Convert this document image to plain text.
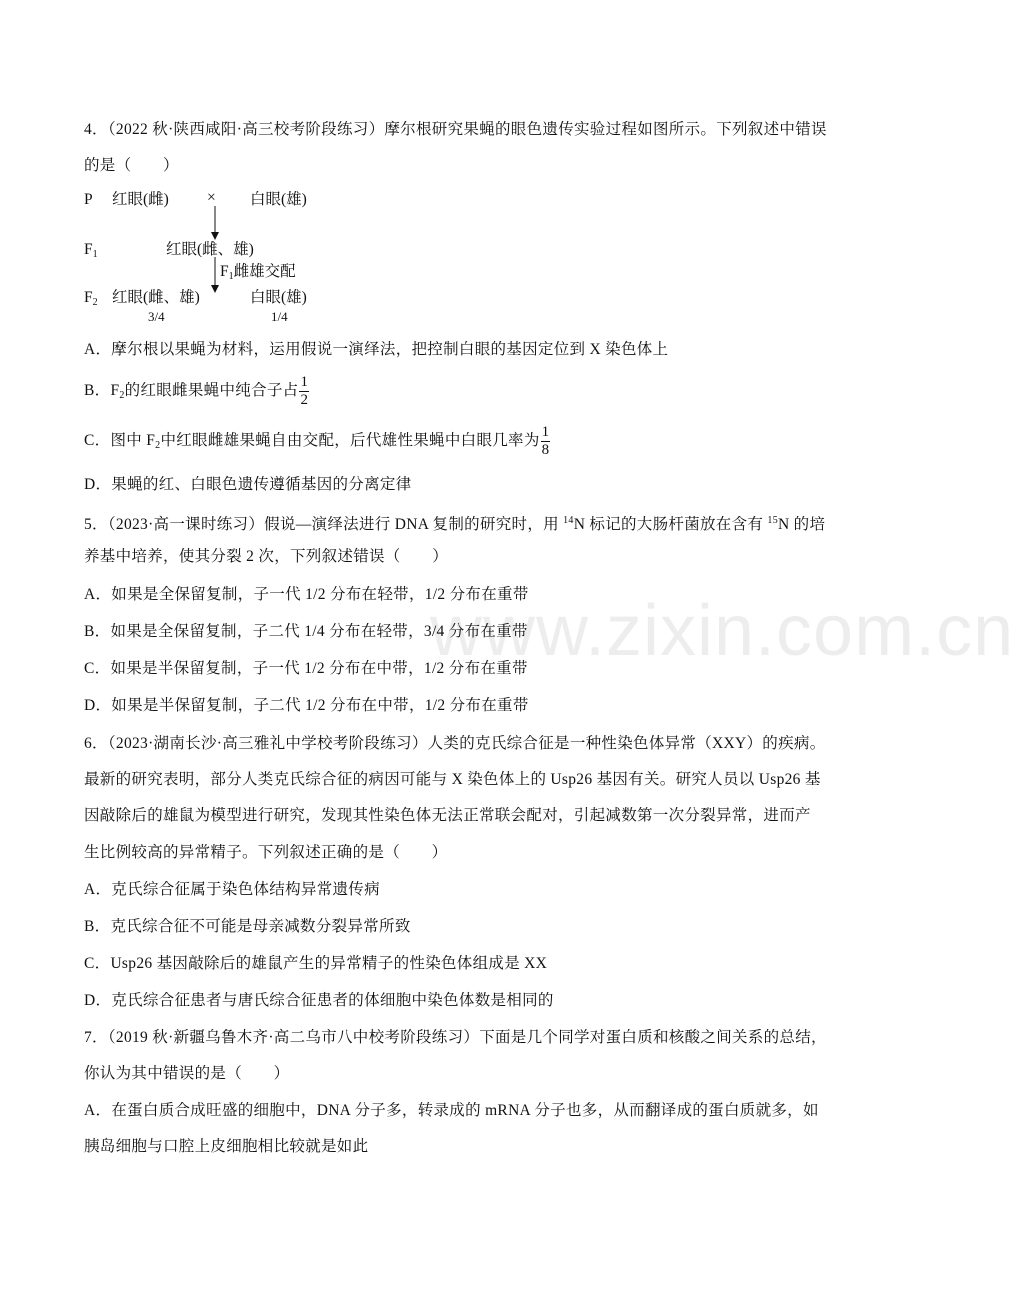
4．（2022 秋·陕西咸阳·高三校考阶段练习）摩尔根研究果蝇的眼色遗传实验过程如图所示。下列叙述中错误
的是（　　）
P 红眼(雌) × 白眼(雄)
$F_1$	红眼(雌、雄)
$F_1$雌雄交配
$F_2$ 红眼(雌、雄)	白眼(雄)
3/4	1/4
A．摩尔根以果蝇为材料，运用假说一演绎法，把控制白眼的基因定位到 X 染色体上
B．$F_2$的红眼雌果蝇中纯合子占 $\frac{1}{2}$
C．图中 $F_2$中红眼雌雄果蝇自由交配，后代雄性果蝇中白眼几率为 $\frac{1}{8}$
D．果蝇的红、白眼色遗传遵循基因的分离定律
5．（2023·高一课时练习）假说—演绎法进行 DNA 复制的研究时，用 $^{14}$N 标记的大肠杆菌放在含有 $^{15}$N 的培
养基中培养，使其分裂 2 次，下列叙述错误（　　）
A．如果是全保留复制，子一代 1/2 分布在轻带，1/2 分布在重带
B．如果是全保留复制，子二代 1/4 分布在轻带，3/4 分布在重带
C．如果是半保留复制，子一代 1/2 分布在中带，1/2 分布在重带
D．如果是半保留复制，子二代 1/2 分布在中带，1/2 分布在重带
6．（2023·湖南长沙·高三雅礼中学校考阶段练习）人类的克氏综合征是一种性染色体异常（XXY）的疾病。
最新的研究表明，部分人类克氏综合征的病因可能与 X 染色体上的 Usp26 基因有关。研究人员以 Usp26 基
因敲除后的雄鼠为模型进行研究，发现其性染色体无法正常联会配对，引起减数第一次分裂异常，进而产
生比例较高的异常精子。下列叙述正确的是（　　）
A．克氏综合征属于染色体结构异常遗传病
B．克氏综合征不可能是母亲减数分裂异常所致
C．Usp26 基因敲除后的雄鼠产生的异常精子的性染色体组成是 XX
D．克氏综合征患者与唐氏综合征患者的体细胞中染色体数是相同的
7．（2019 秋·新疆乌鲁木齐·高二乌市八中校考阶段练习）下面是几个同学对蛋白质和核酸之间关系的总结，
你认为其中错误的是（　　）
A．在蛋白质合成旺盛的细胞中，DNA 分子多，转录成的 mRNA 分子也多，从而翻译成的蛋白质就多，如
胰岛细胞与口腔上皮细胞相比较就是如此
www.zixin.com.cn
